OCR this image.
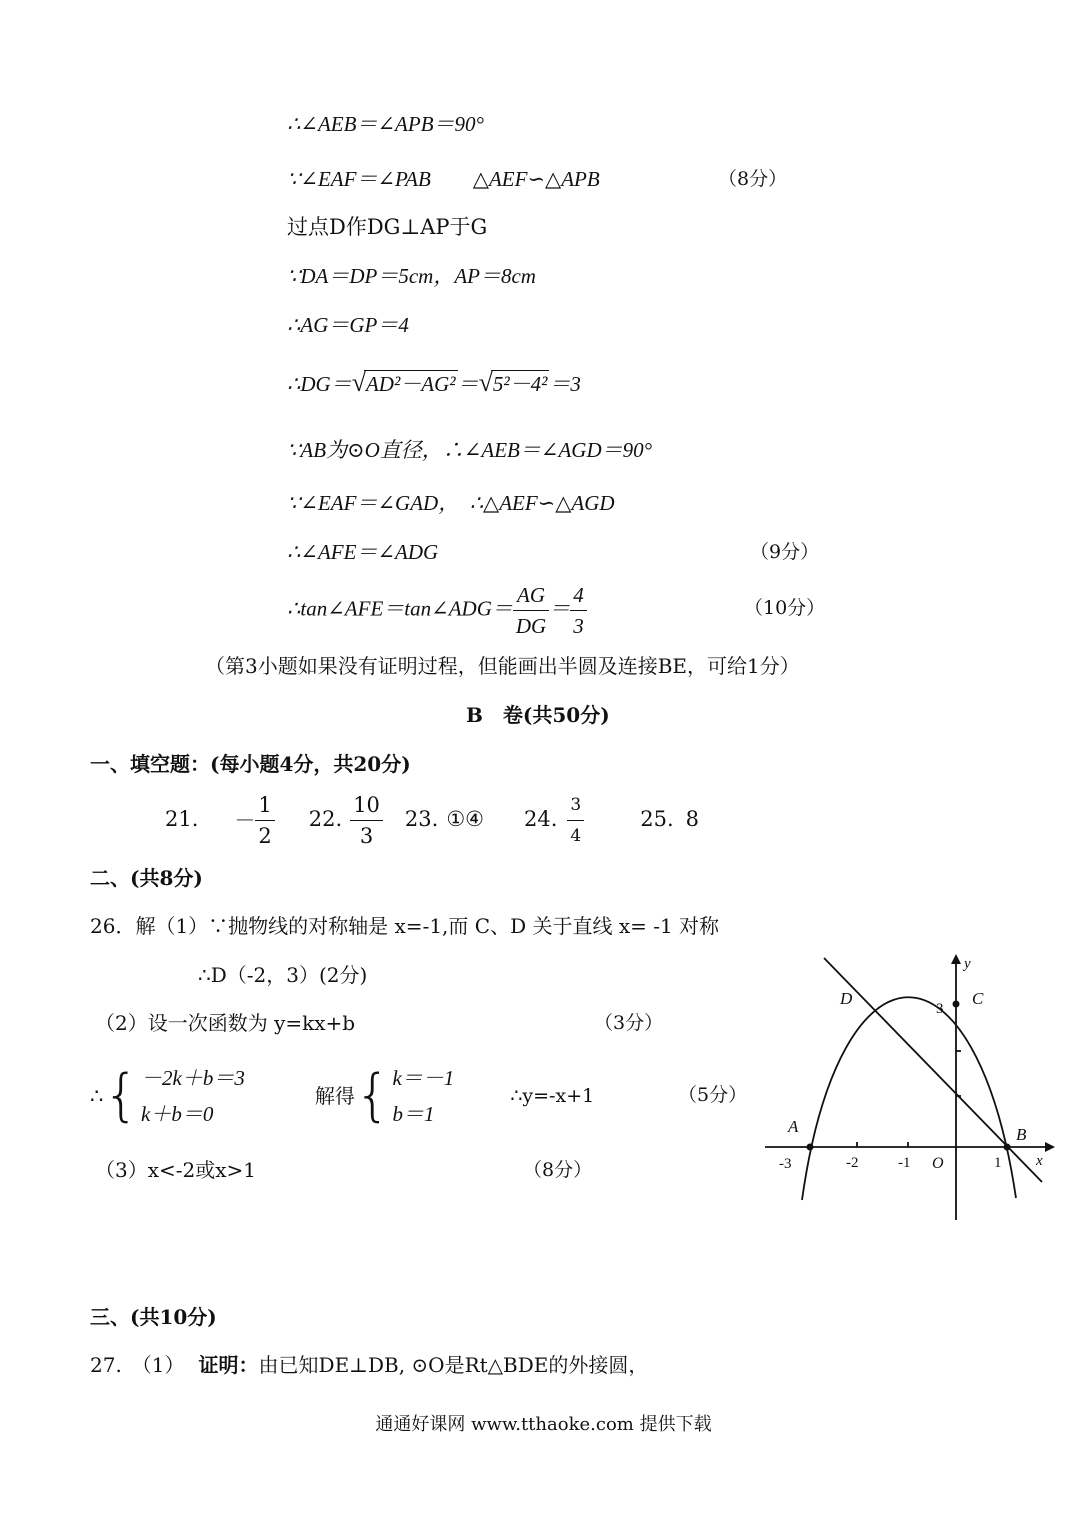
∴∠AEB＝∠APB＝90°
∵∠EAF＝∠PAB　　△AEF∽△APB	（8分）
过点D作DG⊥AP于G
∵DA＝DP＝5cm，AP＝8cm
∴AG＝GP＝4
∴DG＝√AD²－AG²＝√5²－4²＝3
∵AB为⊙O直径，∴∠AEB＝∠AGD＝90°
∵∠EAF＝∠GAD，　∴△AEF∽△AGD
∴∠AFE＝∠ADG	（9分）
∴tan∠AFE＝tan∠ADG＝ $\frac{AG}{DG} = \frac{4}{3}$	（10分）
（第3小题如果没有证明过程，但能画出半圆及连接BE，可给1分）
B　卷(共50分)
一、填空题：(每小题4分，共20分)
21. － $\frac{1}{2} 22$. $\frac{10}{3} 23$. ①④ 24. $\frac{3}{4}$	25. 8
二、(共8分)
26．解（1）∵抛物线的对称轴是 x=-1,而 C、D 关于直线 x= -1 对称
∴D（-2，3）(2分)
（2）设一次函数为 y=kx+b	（3分）
∴{ －2k＋b＝3
k＋b＝0
解得{ k＝－1
b＝1
∴y=-x+1	（5分）
（3）x<-2或x>1	（8分）
A	B
C
D
x
y
O
-3	-2	-1	1
3
三、(共10分)
27.　（1） 证明：由已知DE⊥DB, ⊙O是Rt△BDE的外接圆，
通通好课网 www.tthaoke.com 提供下载
